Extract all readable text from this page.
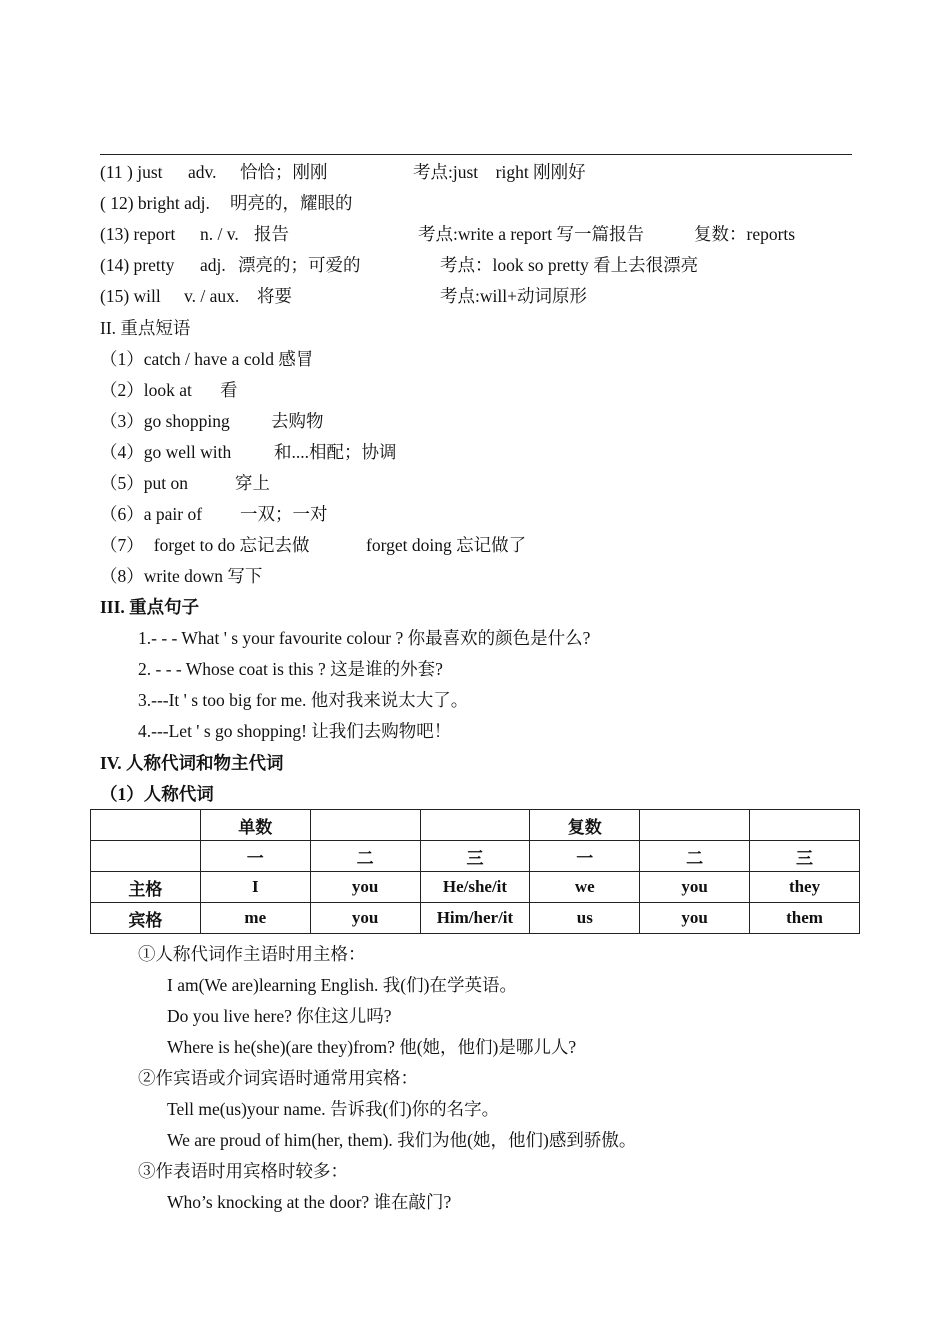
(11 ) just adv. 恰恰；刚刚	考点:just　right 刚刚好
( 12) bright adj. 明亮的，耀眼的
(13) report n. / v. 报告	考点:write a report 写一篇报告	复数：reports
(14) pretty adj. 漂亮的；可爱的	考点：look so pretty 看上去很漂亮
(15) will v. / aux. 将要	考点:will+动词原形
II. 重点短语
（1）catch / have a cold 感冒
（2）look at 看
（3）go shopping 去购物
（4）go well with 和....相配；协调
（5）put on	穿上
（6）a pair of 一双；一对
（7） forget to do 忘记去做	forget doing 忘记做了
（8）write down 写下
III. 重点句子
1.- - - What ' s your favourite colour ? 你最喜欢的颜色是什么?
2. - - - Whose coat is this ? 这是谁的外套?
3.---It ' s too big for me. 他对我来说太大了。
4.---Let ' s go shopping! 让我们去购物吧！
IV. 人称代词和物主代词
（1）人称代词
	单数			复数		
	一	二	三	一	二	三
主格	I	you	He/she/it	we	you	they
宾格	me	you	Him/her/it	us	you	them
①人称代词作主语时用主格：
I am(We are)learning English. 我(们)在学英语。
Do you live here? 你住这儿吗?
Where is he(she)(are they)from? 他(她，他们)是哪儿人?
②作宾语或介词宾语时通常用宾格：
Tell me(us)your name. 告诉我(们)你的名字。
We are proud of him(her, them). 我们为他(她，他们)感到骄傲。
③作表语时用宾格时较多：
Who’s knocking at the door? 谁在敲门?
